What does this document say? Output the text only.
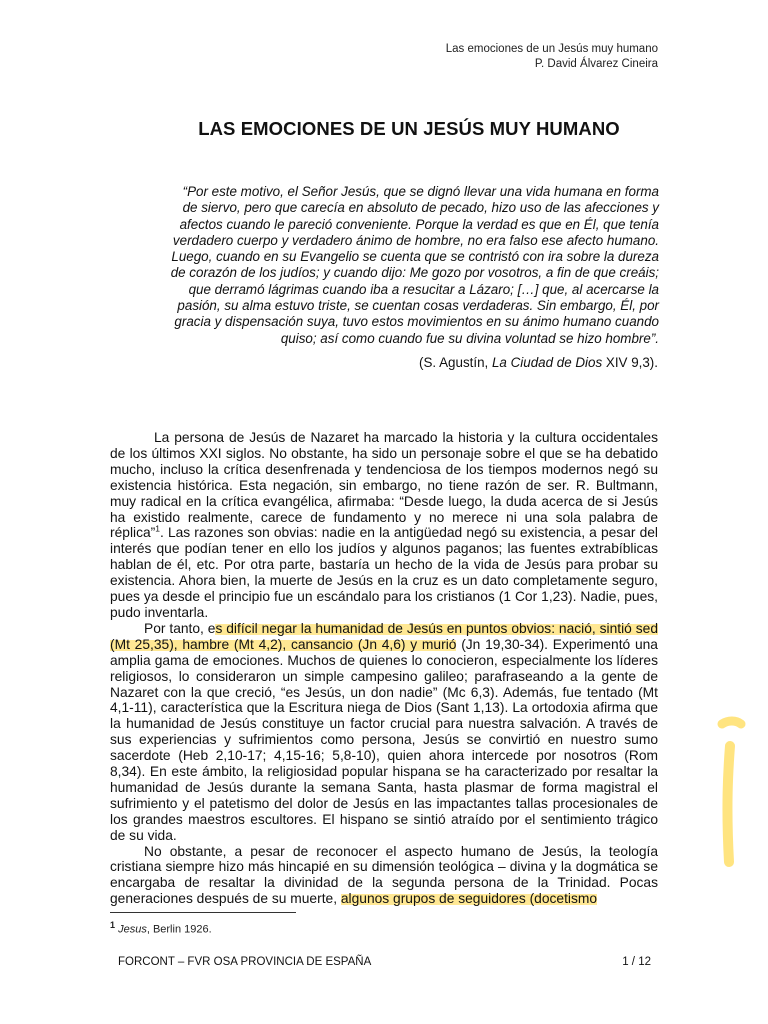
Las emociones de un Jesús muy humano
P. David Álvarez Cineira
LAS EMOCIONES DE UN JESÚS MUY HUMANO
“Por este motivo, el Señor Jesús, que se dignó llevar una vida humana en forma de siervo, pero que carecía en absoluto de pecado, hizo uso de las afecciones y afectos cuando le pareció conveniente. Porque la verdad es que en Él, que tenía verdadero cuerpo y verdadero ánimo de hombre, no era falso ese afecto humano. Luego, cuando en su Evangelio se cuenta que se contristó con ira sobre la dureza de corazón de los judíos; y cuando dijo: Me gozo por vosotros, a fin de que creáis; que derramó lágrimas cuando iba a resucitar a Lázaro; […] que, al acercarse la pasión, su alma estuvo triste, se cuentan cosas verdaderas. Sin embargo, Él, por gracia y dispensación suya, tuvo estos movimientos en su ánimo humano cuando quiso; así como cuando fue su divina voluntad se hizo hombre”.
(S. Agustín, La Ciudad de Dios XIV 9,3).

La persona de Jesús de Nazaret ha marcado la historia y la cultura occidentales de los últimos XXI siglos. No obstante, ha sido un personaje sobre el que se ha debatido mucho, incluso la crítica desenfrenada y tendenciosa de los tiempos modernos negó su existencia histórica. Esta negación, sin embargo, no tiene razón de ser. R. Bultmann, muy radical en la crítica evangélica, afirmaba: “Desde luego, la duda acerca de si Jesús ha existido realmente, carece de fundamento y no merece ni una sola palabra de réplica”$^1$. Las razones son obvias: nadie en la antigüedad negó su existencia, a pesar del interés que podían tener en ello los judíos y algunos paganos; las fuentes extrabíblicas hablan de él, etc. Por otra parte, bastaría un hecho de la vida de Jesús para probar su existencia. Ahora bien, la muerte de Jesús en la cruz es un dato completamente seguro, pues ya desde el principio fue un escándalo para los cristianos (1 Cor 1,23). Nadie, pues, pudo inventarla.

Por tanto, es difícil negar la humanidad de Jesús en puntos obvios: nació, sintió sed (Mt 25,35), hambre (Mt 4,2), cansancio (Jn 4,6) y murió (Jn 19,30-34). Experimentó una amplia gama de emociones. Muchos de quienes lo conocieron, especialmente los líderes religiosos, lo consideraron un simple campesino galileo; parafraseando a la gente de Nazaret con la que creció, “es Jesús, un don nadie” (Mc 6,3). Además, fue tentado (Mt 4,1-11), característica que la Escritura niega de Dios (Sant 1,13). La ortodoxia afirma que la humanidad de Jesús constituye un factor crucial para nuestra salvación. A través de sus experiencias y sufrimientos como persona, Jesús se convirtió en nuestro sumo sacerdote (Heb 2,10-17; 4,15-16; 5,8-10), quien ahora intercede por nosotros (Rom 8,34). En este ámbito, la religiosidad popular hispana se ha caracterizado por resaltar la humanidad de Jesús durante la semana Santa, hasta plasmar de forma magistral el sufrimiento y el patetismo del dolor de Jesús en las impactantes tallas procesionales de los grandes maestros escultores. El hispano se sintió atraído por el sentimiento trágico de su vida.

No obstante, a pesar de reconocer el aspecto humano de Jesús, la teología cristiana siempre hizo más hincapié en su dimensión teológica – divina y la dogmática se encargaba de resaltar la divinidad de la segunda persona de la Trinidad. Pocas generaciones después de su muerte, algunos grupos de seguidores (docetismo

$^1$ Jesus, Berlin 1926.
FORCONT – FVR OSA PROVINCIA DE ESPAÑA	1 / 12
